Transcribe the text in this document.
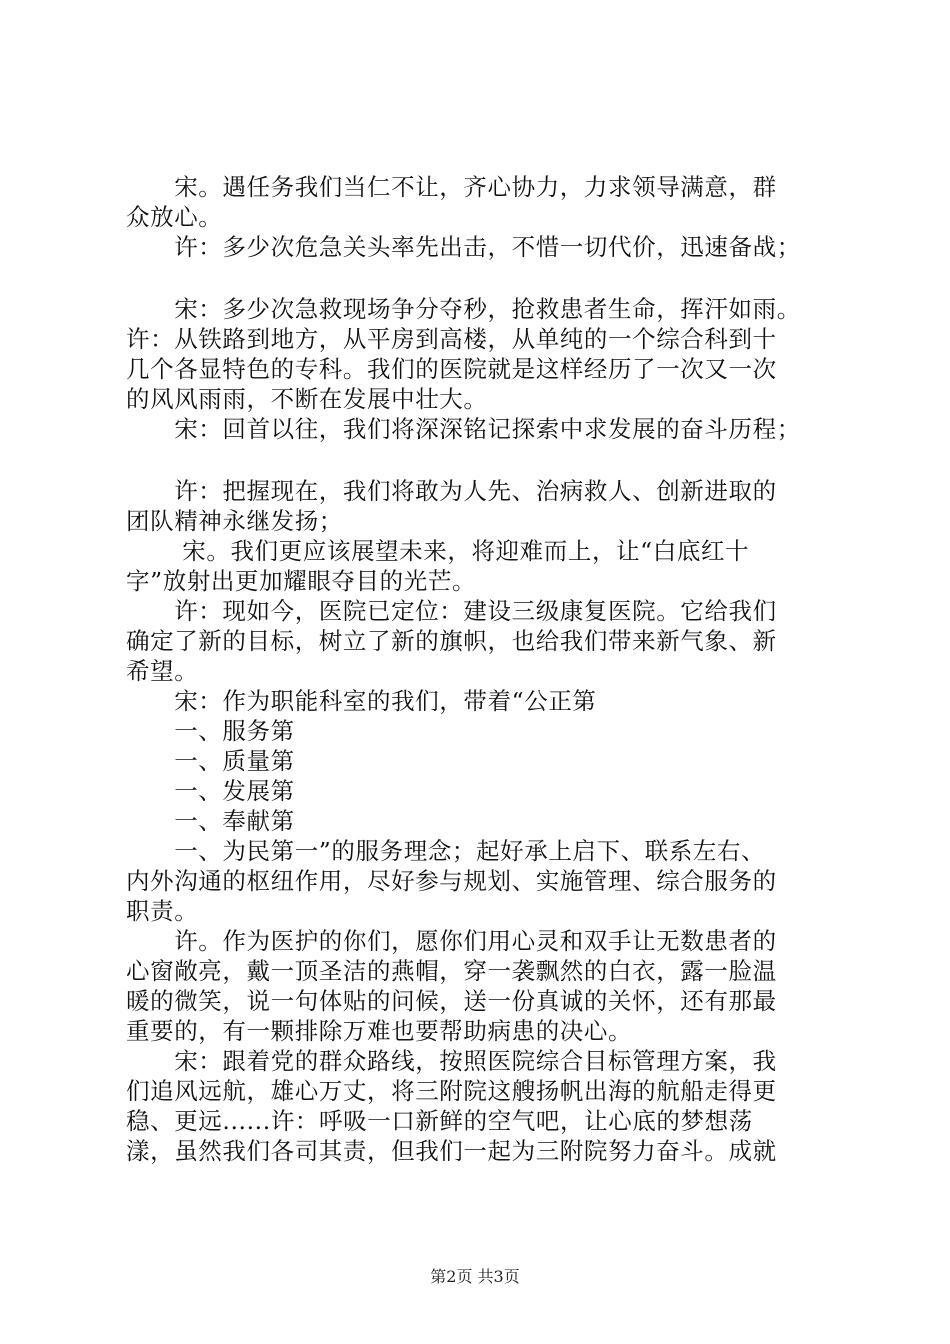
　　宋。遇任务我们当仁不让，齐心协力，力求领导满意，群
众放心。
　　许：多少次危急关头率先出击，不惜一切代价，迅速备战；
　　宋：多少次急救现场争分夺秒，抢救患者生命，挥汗如雨。
许：从铁路到地方，从平房到高楼，从单纯的一个综合科到十
几个各显特色的专科。我们的医院就是这样经历了一次又一次
的风风雨雨，不断在发展中壮大。
　　宋：回首以往，我们将深深铭记探索中求发展的奋斗历程；
　　许：把握现在，我们将敢为人先、治病救人、创新进取的
团队精神永继发扬；
　　 宋。我们更应该展望未来，将迎难而上，让“白底红十
字”放射出更加耀眼夺目的光芒。
　　许：现如今，医院已定位：建设三级康复医院。它给我们
确定了新的目标，树立了新的旗帜，也给我们带来新气象、新
希望。
　　宋：作为职能科室的我们，带着“公正第
　　一、服务第
　　一、质量第
　　一、发展第
　　一、奉献第
　　一、为民第一”的服务理念；起好承上启下、联系左右、
内外沟通的枢纽作用，尽好参与规划、实施管理、综合服务的
职责。
　　许。作为医护的你们，愿你们用心灵和双手让无数患者的
心窗敞亮，戴一顶圣洁的燕帽，穿一袭飘然的白衣，露一脸温
暖的微笑，说一句体贴的问候，送一份真诚的关怀，还有那最
重要的，有一颗排除万难也要帮助病患的决心。
　　宋：跟着党的群众路线，按照医院综合目标管理方案，我
们追风远航，雄心万丈，将三附院这艘扬帆出海的航船走得更
稳、更远......许：呼吸一口新鲜的空气吧，让心底的梦想荡
漾，虽然我们各司其责，但我们一起为三附院努力奋斗。成就
第2页 共3页
